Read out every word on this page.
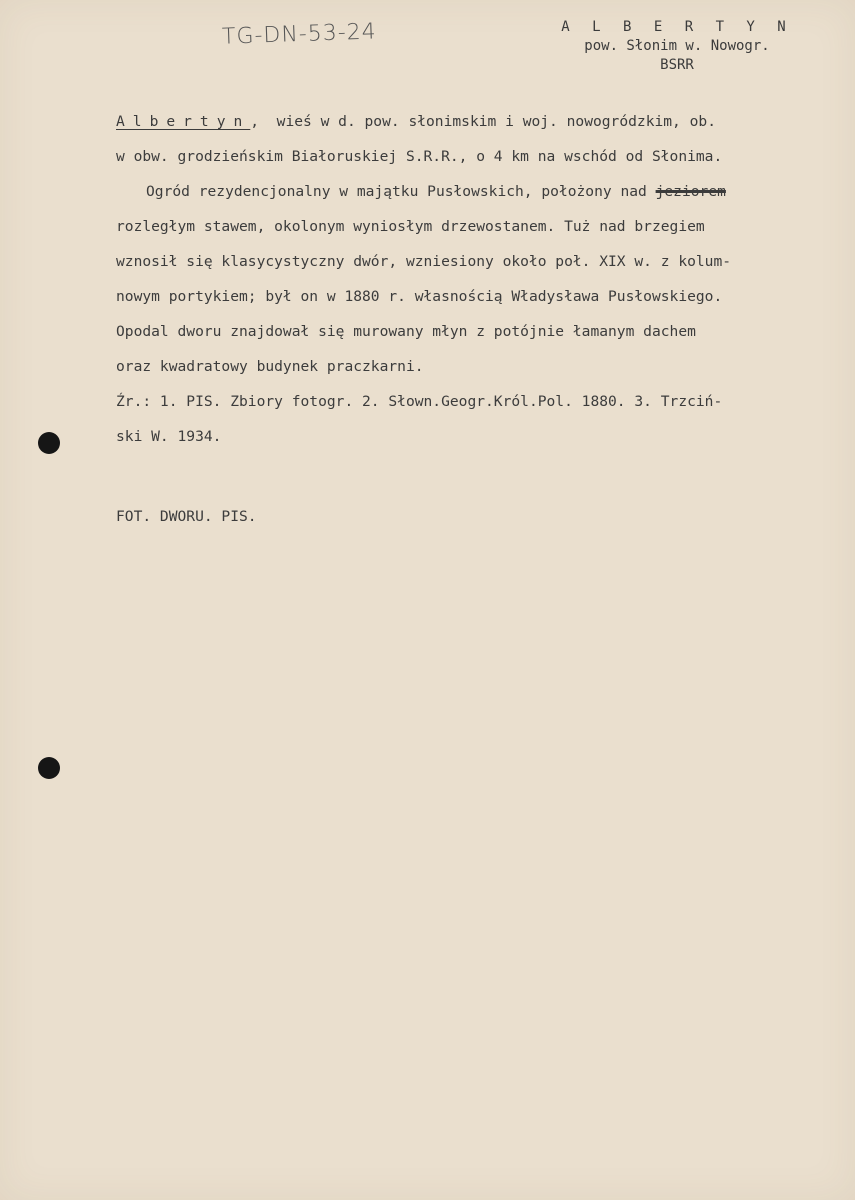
TG-DN-53-24	A L B E R T Y N
pow. Słonim w. Nowogr.
BSRR
Albertyn,  wieś w d. pow. słonimskim i woj. nowogródzkim, ob.
w obw. grodzieńskim Białoruskiej S.R.R., o 4 km na wschód od Słonima.
Ogród rezydencjonalny w majątku Pusłowskich, położony nad jeziorem
rozległym stawem, okolonym wyniosłym drzewostanem. Tuż nad brzegiem
wznosił się klasycystyczny dwór, wzniesiony około poł. XIX w. z kolum-
nowym portykiem; był on w 1880 r. własnością Władysława Pusłowskiego.
Opodal dworu znajdował się murowany młyn z potójnie łamanym dachem
oraz kwadratowy budynek praczkarni.
Źr.: 1. PIS. Zbiory fotogr. 2. Słown.Geogr.Król.Pol. 1880. 3. Trzciń-
ski W. 1934.
FOT. DWORU. PIS.
